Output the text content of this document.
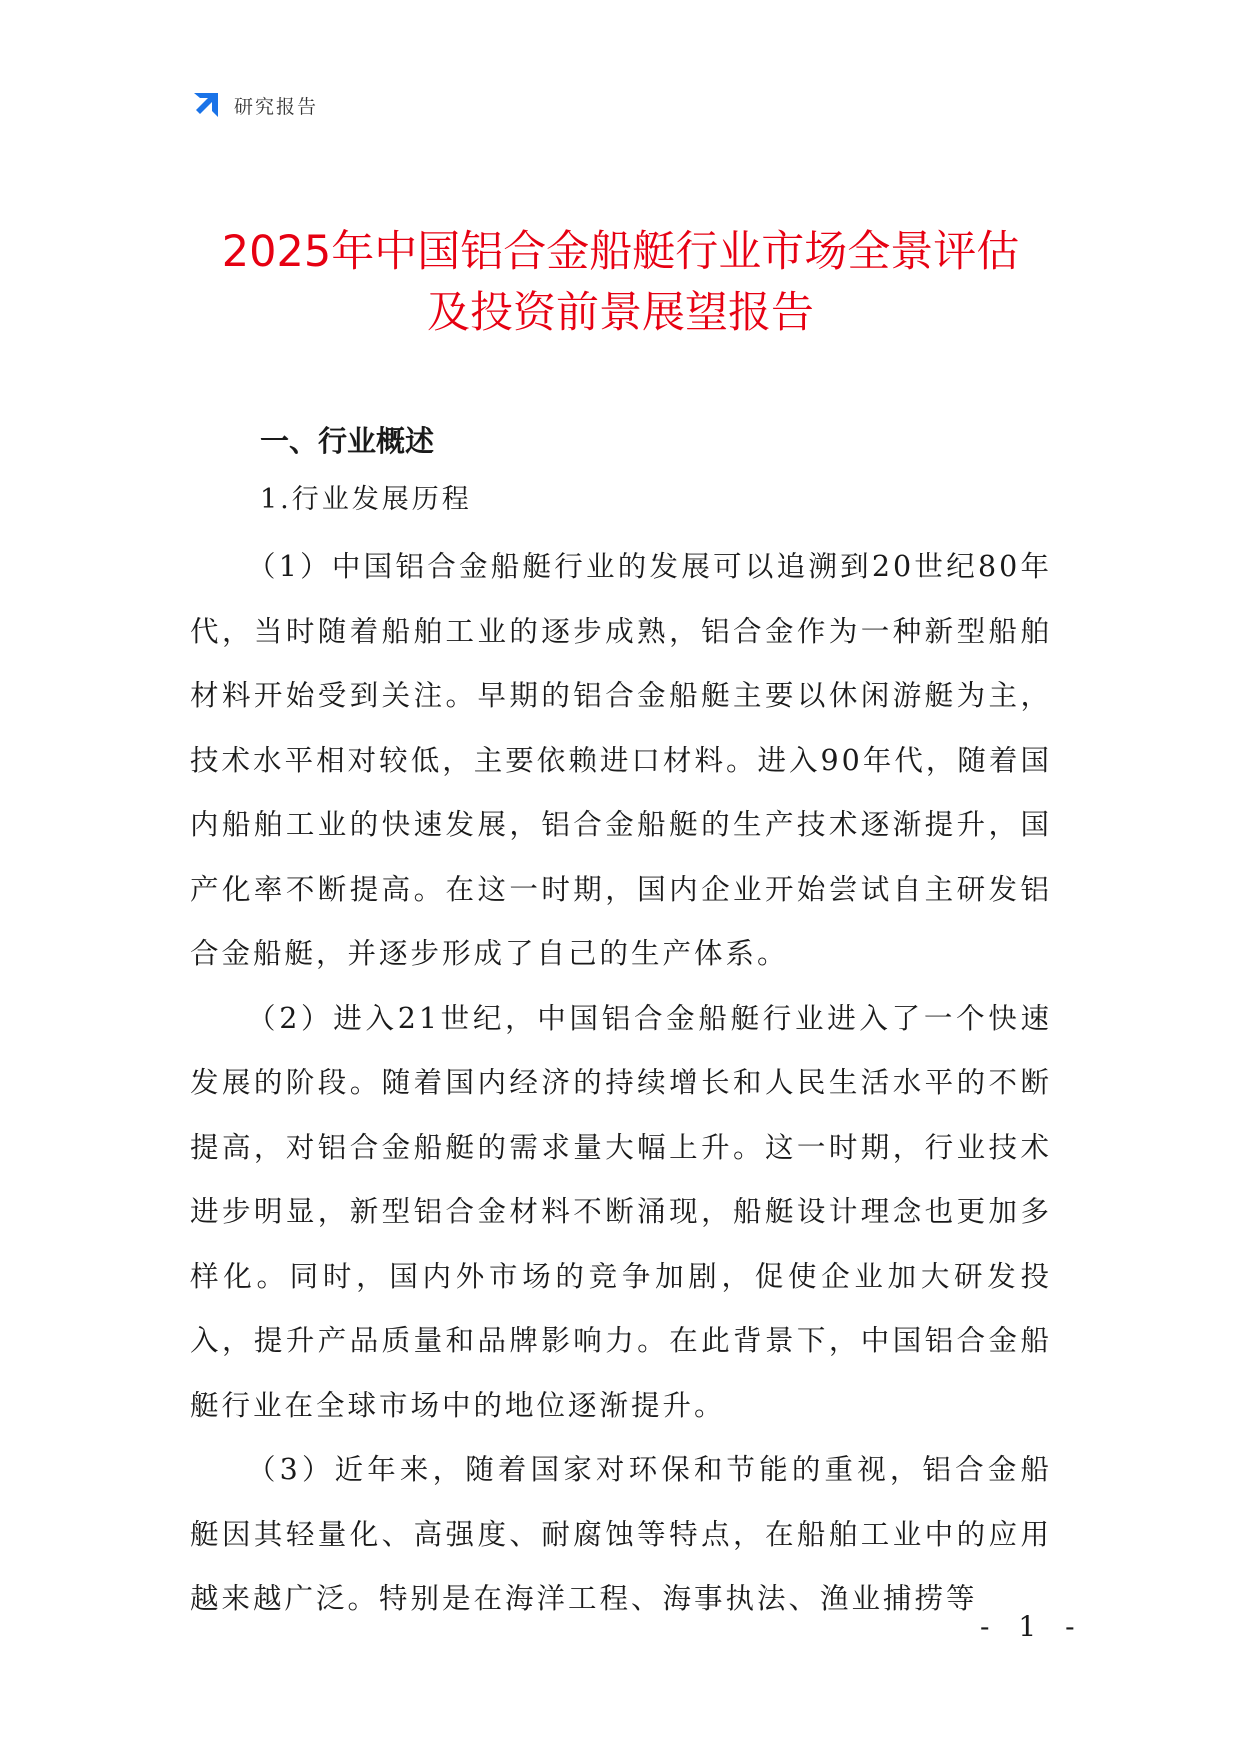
研究报告
2025年中国铝合金船艇行业市场全景评估
及投资前景展望报告
一、行业概述
1.行业发展历程

（1）中国铝合金船艇行业的发展可以追溯到20世纪80年代，当时随着船舶工业的逐步成熟，铝合金作为一种新型船舶材料开始受到关注。早期的铝合金船艇主要以休闲游艇为主，技术水平相对较低，主要依赖进口材料。进入90年代，随着国内船舶工业的快速发展，铝合金船艇的生产技术逐渐提升，国产化率不断提高。在这一时期，国内企业开始尝试自主研发铝合金船艇，并逐步形成了自己的生产体系。

（2）进入21世纪，中国铝合金船艇行业进入了一个快速发展的阶段。随着国内经济的持续增长和人民生活水平的不断提高，对铝合金船艇的需求量大幅上升。这一时期，行业技术进步明显，新型铝合金材料不断涌现，船艇设计理念也更加多样化。同时，国内外市场的竞争加剧，促使企业加大研发投入，提升产品质量和品牌影响力。在此背景下，中国铝合金船艇行业在全球市场中的地位逐渐提升。

（3）近年来，随着国家对环保和节能的重视，铝合金船艇因其轻量化、高强度、耐腐蚀等特点，在船舶工业中的应用越来越广泛。特别是在海洋工程、海事执法、渔业捕捞等

- 1 -
